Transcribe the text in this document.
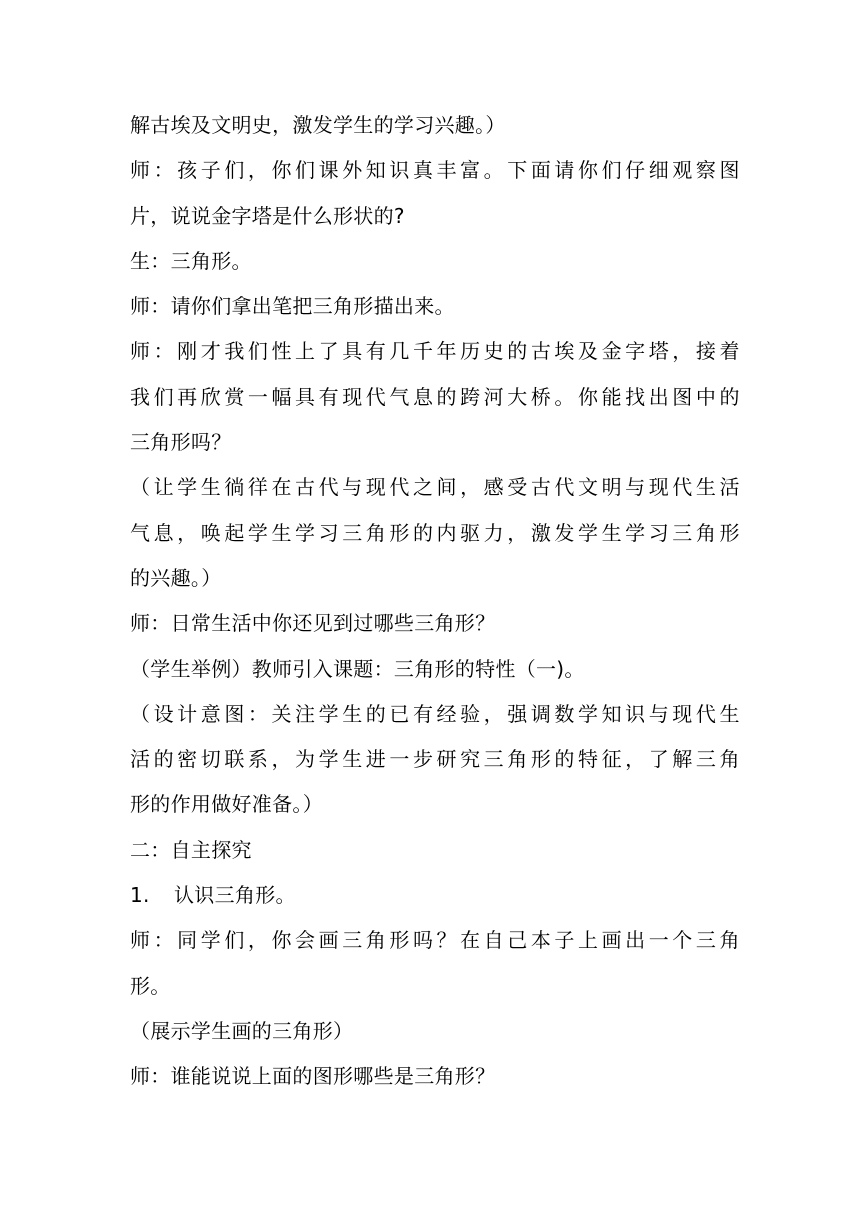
解古埃及文明史，激发学生的学习兴趣。）
师 ： 孩 子 们 ， 你 们 课 外 知 识 真 丰 富 。 下 面 请 你 们 仔 细 观 察 图
片，说说金字塔是什么形状的?
生：三角形。
师：请你们拿出笔把三角形描出来。
师 ： 刚 才 我 们 性 上 了 具 有 几 千 年 历 史 的 古 埃 及 金 字 塔 ， 接 着
我 们 再 欣 赏 一 幅 具 有 现 代 气 息 的 跨 河 大 桥 。 你 能 找 出 图 中 的
三角形吗？
（ 让 学 生 徜 徉 在 古 代 与 现 代 之 间 ， 感 受 古 代 文 明 与 现 代 生 活
气 息 ， 唤 起 学 生 学 习 三 角 形 的 内 驱 力 ， 激 发 学 生 学 习 三 角 形
的兴趣。）
师：日常生活中你还见到过哪些三角形？
（学生举例）教师引入课题：三角形的特性（一)。
（ 设 计 意 图 ： 关 注 学 生 的 已 有 经 验 ， 强 调 数 学 知 识 与 现 代 生
活 的 密 切 联 系 ， 为 学 生 进 一 步 研 究 三 角 形 的 特 征 ， 了 解 三 角
形的作用做好准备。）
二：自主探究
1. 认识三角形。
师 ： 同 学 们 ， 你 会 画 三 角 形 吗 ？ 在 自 己 本 子 上 画 出 一 个 三 角
形。
（展示学生画的三角形）
师：谁能说说上面的图形哪些是三角形？
